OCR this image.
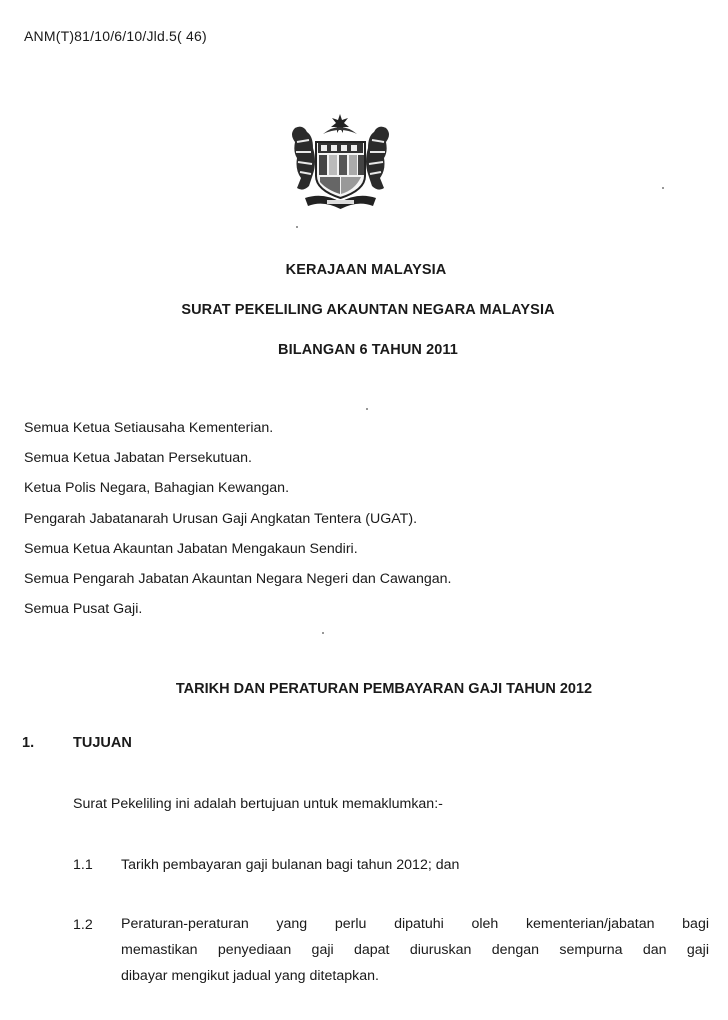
ANM(T)81/10/6/10/Jld.5( 46)
KERAJAAN MALAYSIA
SURAT PEKELILING AKAUNTAN NEGARA MALAYSIA
BILANGAN 6 TAHUN 2011
Semua Ketua Setiausaha Kementerian.
Semua Ketua Jabatan Persekutuan.
Ketua Polis Negara, Bahagian Kewangan.
Pengarah Jabatanarah Urusan Gaji Angkatan Tentera (UGAT).
Semua Ketua Akauntan Jabatan Mengakaun Sendiri.
Semua Pengarah Jabatan Akauntan Negara Negeri dan Cawangan.
Semua Pusat Gaji.
TARIKH DAN PERATURAN PEMBAYARAN GAJI TAHUN 2012
1.	TUJUAN
Surat Pekeliling ini adalah bertujuan untuk memaklumkan:-
1.1 Tarikh pembayaran gaji bulanan bagi tahun 2012; dan
1.2 Peraturan-peraturan yang perlu dipatuhi oleh kementerian/jabatan bagi
memastikan penyediaan gaji dapat diuruskan dengan sempurna dan gaji
dibayar mengikut jadual yang ditetapkan.
